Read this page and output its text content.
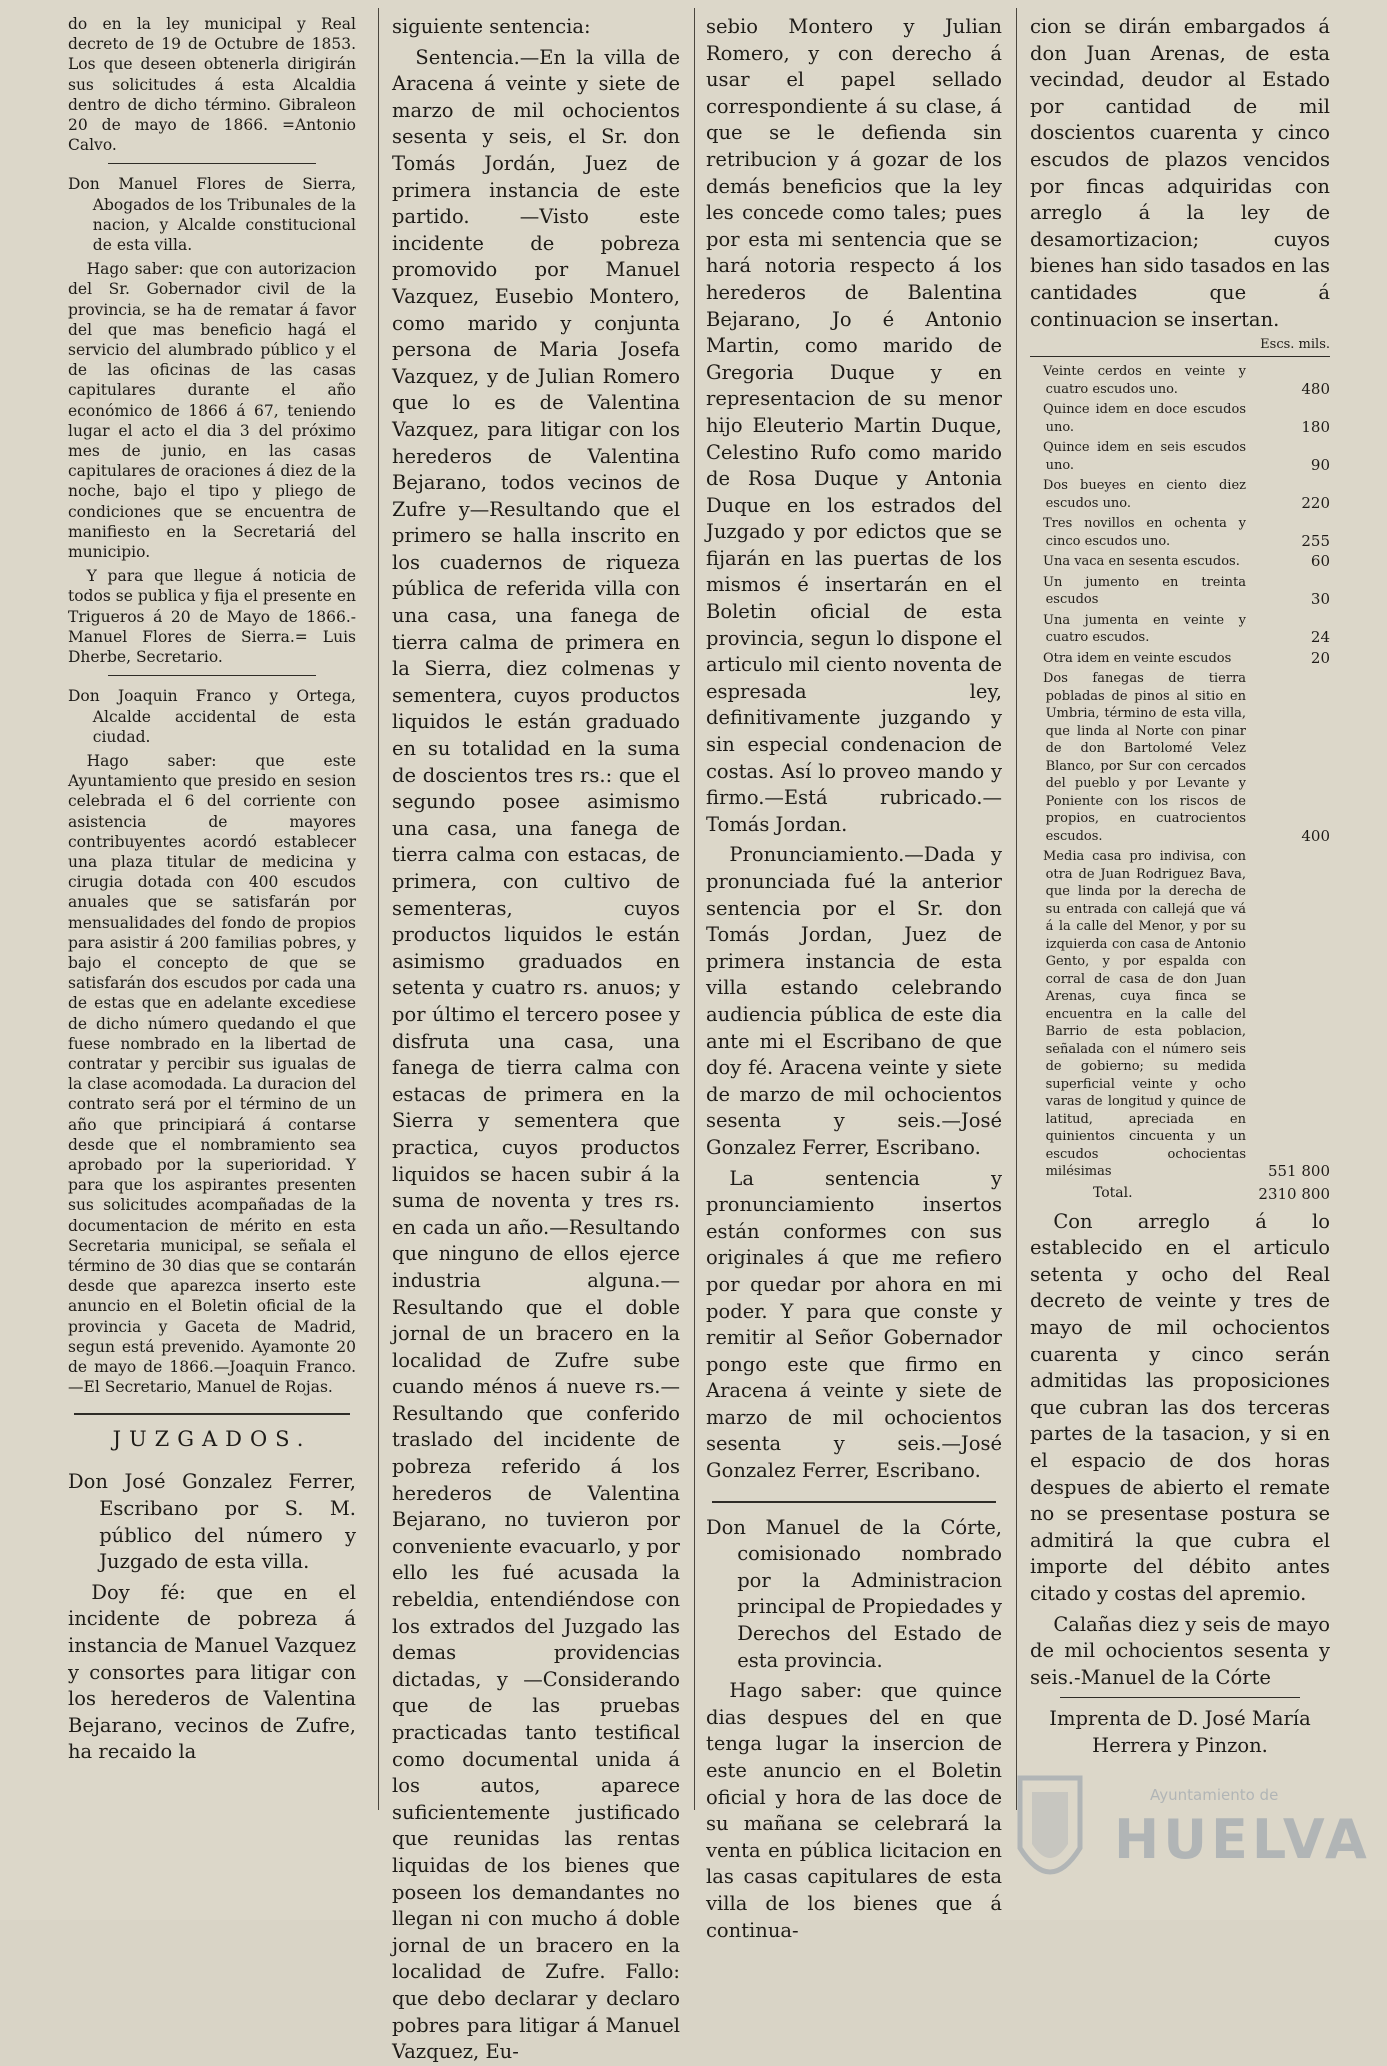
do en la ley municipal y Real decreto de 19 de Octubre de 1853. Los que deseen obtenerla dirigirán sus solicitudes á esta Alcaldia dentro de dicho término. Gibraleon 20 de mayo de 1866. =Antonio Calvo.

Don Manuel Flores de Sierra, Abogados de los Tribunales de la nacion, y Alcalde constitucional de esta villa.

Hago saber: que con autorizacion del Sr. Gobernador civil de la provincia, se ha de rematar á favor del que mas beneficio hagá el servicio del alumbrado público y el de las oficinas de las casas capitulares durante el año económico de 1866 á 67, teniendo lugar el acto el dia 3 del próximo mes de junio, en las casas capitulares de oraciones á diez de la noche, bajo el tipo y pliego de condiciones que se encuentra de manifiesto en la Secretariá del municipio.

Y para que llegue á noticia de todos se publica y fija el presente en Trigueros á 20 de Mayo de 1866.-Manuel Flores de Sierra.= Luis Dherbe, Secretario.

Don Joaquin Franco y Ortega, Alcalde accidental de esta ciudad.

Hago saber: que este Ayuntamiento que presido en sesion celebrada el 6 del corriente con asistencia de mayores contribuyentes acordó establecer una plaza titular de medicina y cirugia dotada con 400 escudos anuales que se satisfarán por mensualidades del fondo de propios para asistir á 200 familias pobres, y bajo el concepto de que se satisfarán dos escudos por cada una de estas que en adelante excediese de dicho número quedando el que fuese nombrado en la libertad de contratar y percibir sus igualas de la clase acomodada. La duracion del contrato será por el término de un año que principiará á contarse desde que el nombramiento sea aprobado por la superioridad. Y para que los aspirantes presenten sus solicitudes acompañadas de la documentacion de mérito en esta Secretaria municipal, se señala el término de 30 dias que se contarán desde que aparezca inserto este anuncio en el Boletin oficial de la provincia y Gaceta de Madrid, segun está prevenido. Ayamonte 20 de mayo de 1866.—Joaquin Franco.—El Secretario, Manuel de Rojas.

JUZGADOS.

Don José Gonzalez Ferrer, Escribano por S. M. público del número y Juzgado de esta villa.

Doy fé: que en el incidente de pobreza á instancia de Manuel Vazquez y consortes para litigar con los herederos de Valentina Bejarano, vecinos de Zufre, ha recaido la

siguiente sentencia:

Sentencia.—En la villa de Aracena á veinte y siete de marzo de mil ochocientos sesenta y seis, el Sr. don Tomás Jordán, Juez de primera instancia de este partido. —Visto este incidente de pobreza promovido por Manuel Vazquez, Eusebio Montero, como marido y conjunta persona de Maria Josefa Vazquez, y de Julian Romero que lo es de Valentina Vazquez, para litigar con los herederos de Valentina Bejarano, todos vecinos de Zufre y—Resultando que el primero se halla inscrito en los cuadernos de riqueza pública de referida villa con una casa, una fanega de tierra calma de primera en la Sierra, diez colmenas y sementera, cuyos productos liquidos le están graduado en su totalidad en la suma de doscientos tres rs.: que el segundo posee asimismo una casa, una fanega de tierra calma con estacas, de primera, con cultivo de sementeras, cuyos productos liquidos le están asimismo graduados en setenta y cuatro rs. anuos; y por último el tercero posee y disfruta una casa, una fanega de tierra calma con estacas de primera en la Sierra y sementera que practica, cuyos productos liquidos se hacen subir á la suma de noventa y tres rs. en cada un año.—Resultando que ninguno de ellos ejerce industria alguna.—Resultando que el doble jornal de un bracero en la localidad de Zufre sube cuando ménos á nueve rs.—Resultando que conferido traslado del incidente de pobreza referido á los herederos de Valentina Bejarano, no tuvieron por conveniente evacuarlo, y por ello les fué acusada la rebeldia, entendiéndose con los extrados del Juzgado las demas providencias dictadas, y —Considerando que de las pruebas practicadas tanto testifical como documental unida á los autos, aparece suficientemente justificado que reunidas las rentas liquidas de los bienes que poseen los demandantes no llegan ni con mucho á doble jornal de un bracero en la localidad de Zufre. Fallo: que debo declarar y declaro pobres para litigar á Manuel Vazquez, Eu-

sebio Montero y Julian Romero, y con derecho á usar el papel sellado correspondiente á su clase, á que se le defienda sin retribucion y á gozar de los demás beneficios que la ley les concede como tales; pues por esta mi sentencia que se hará notoria respecto á los herederos de Balentina Bejarano, Jo é Antonio Martin, como marido de Gregoria Duque y en representacion de su menor hijo Eleuterio Martin Duque, Celestino Rufo como marido de Rosa Duque y Antonia Duque en los estrados del Juzgado y por edictos que se fijarán en las puertas de los mismos é insertarán en el Boletin oficial de esta provincia, segun lo dispone el articulo mil ciento noventa de espresada ley, definitivamente juzgando y sin especial condenacion de costas. Así lo proveo mando y firmo.—Está rubricado.—Tomás Jordan.

Pronunciamiento.—Dada y pronunciada fué la anterior sentencia por el Sr. don Tomás Jordan, Juez de primera instancia de esta villa estando celebrando audiencia pública de este dia ante mi el Escribano de que doy fé. Aracena veinte y siete de marzo de mil ochocientos sesenta y seis.—José Gonzalez Ferrer, Escribano.

La sentencia y pronunciamiento insertos están conformes con sus originales á que me refiero por quedar por ahora en mi poder. Y para que conste y remitir al Señor Gobernador pongo este que firmo en Aracena á veinte y siete de marzo de mil ochocientos sesenta y seis.—José Gonzalez Ferrer, Escribano.

Don Manuel de la Córte, comisionado nombrado por la Administracion principal de Propiedades y Derechos del Estado de esta provincia.

Hago saber: que quince dias despues del en que tenga lugar la insercion de este anuncio en el Boletin oficial y hora de las doce de su mañana se celebrará la venta en pública licitacion en las casas capitulares de esta villa de los bienes que á continua-

cion se dirán embargados á don Juan Arenas, de esta vecindad, deudor al Estado por cantidad de mil doscientos cuarenta y cinco escudos de plazos vencidos por fincas adquiridas con arreglo á la ley de desamortizacion; cuyos bienes han sido tasados en las cantidades que á continuacion se insertan.

Escs. mils.
Veinte cerdos en veinte y cuatro escudos uno.	480
Quince idem en doce escudos uno.	180
Quince idem en seis escudos uno.	90
Dos bueyes en ciento diez escudos uno.	220
Tres novillos en ochenta y cinco escudos uno.	255
Una vaca en sesenta escudos.	60
Un jumento en treinta escudos	30
Una jumenta en veinte y cuatro escudos.	24
Otra idem en veinte escudos	20
Dos fanegas de tierra pobladas de pinos al sitio en Umbria, término de esta villa, que linda al Norte con pinar de don Bartolomé Velez Blanco, por Sur con cercados del pueblo y por Levante y Poniente con los riscos de propios, en cuatrocientos escudos.	400
Media casa pro indivisa, con otra de Juan Rodriguez Bava, que linda por la derecha de su entrada con callejá que vá á la calle del Menor, y por su izquierda con casa de Antonio Gento, y por espalda con corral de casa de don Juan Arenas, cuya finca se encuentra en la calle del Barrio de esta poblacion, señalada con el número seis de gobierno; su medida superficial veinte y ocho varas de longitud y quince de latitud, apreciada en quinientos cincuenta y un escudos ochocientas milésimas	551 800
Total.	2310 800

Con arreglo á lo establecido en el articulo setenta y ocho del Real decreto de veinte y tres de mayo de mil ochocientos cuarenta y cinco serán admitidas las proposiciones que cubran las dos terceras partes de la tasacion, y si en el espacio de dos horas despues de abierto el remate no se presentase postura se admitirá la que cubra el importe del débito antes citado y costas del apremio.

Calañas diez y seis de mayo de mil ochocientos sesenta y seis.-Manuel de la Córte

Imprenta de D. José María Herrera y Pinzon.

Ayuntamiento de
HUELVA
